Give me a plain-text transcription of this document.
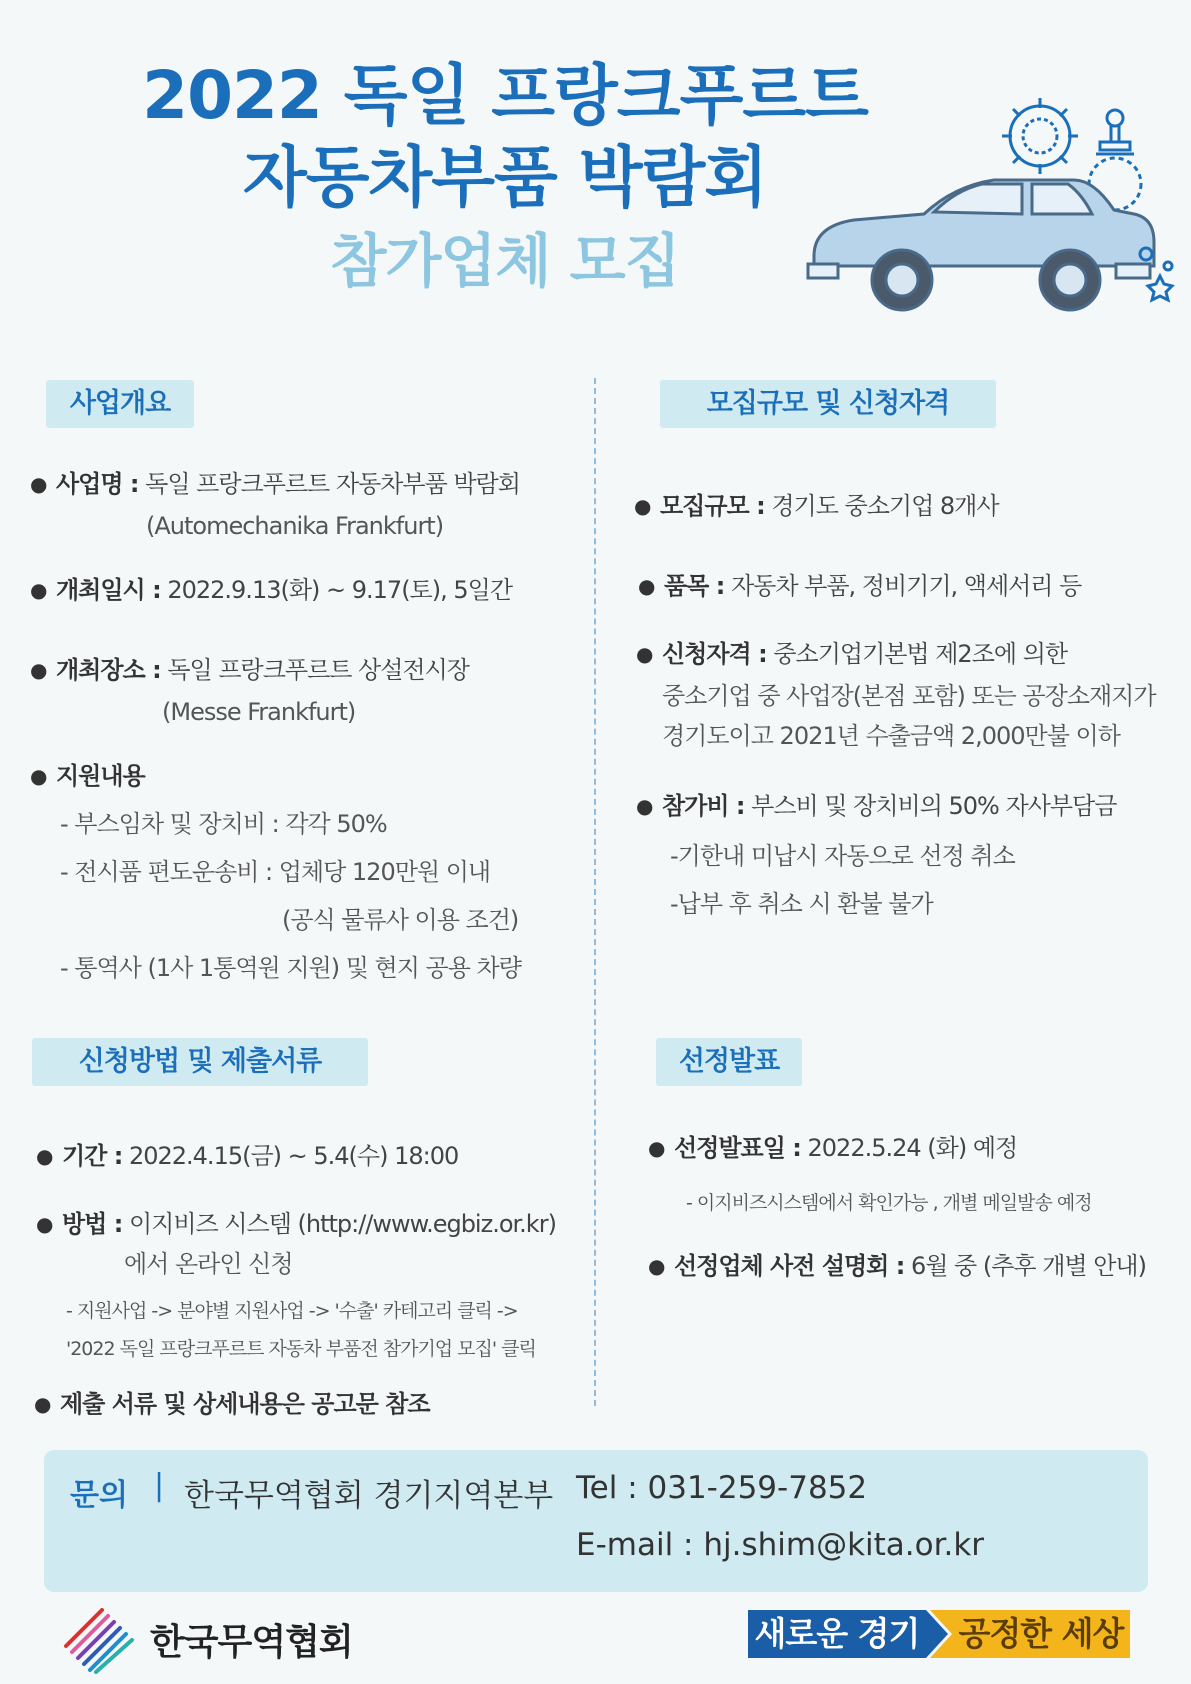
2022 독일 프랑크푸르트
자동차부품 박람회
참가업체 모집
사업개요
● 사업명 : 독일 프랑크푸르트 자동차부품 박람회
(Automechanika Frankfurt)
● 개최일시 : 2022.9.13(화) ~ 9.17(토), 5일간
● 개최장소 : 독일 프랑크푸르트 상설전시장
(Messe Frankfurt)
● 지원내용
- 부스임차 및 장치비 : 각각 50%
- 전시품 편도운송비 : 업체당 120만원 이내
(공식 물류사 이용 조건)
- 통역사 (1사 1통역원 지원) 및 현지 공용 차량
모집규모 및 신청자격
● 모집규모 : 경기도 중소기업 8개사
● 품목 : 자동차 부품, 정비기기, 액세서리 등
● 신청자격 : 중소기업기본법 제2조에 의한
중소기업 중 사업장(본점 포함) 또는 공장소재지가
경기도이고 2021년 수출금액 2,000만불 이하
● 참가비 : 부스비 및 장치비의 50% 자사부담금
-기한내 미납시 자동으로 선정 취소
-납부 후 취소 시 환불 불가
신청방법 및 제출서류
● 기간 : 2022.4.15(금) ~ 5.4(수) 18:00
● 방법 : 이지비즈 시스템 (http://www.egbiz.or.kr)
에서 온라인 신청
- 지원사업 -> 분야별 지원사업 -> '수출' 카테고리 클릭 ->
'2022 독일 프랑크푸르트 자동차 부품전 참가기업 모집' 클릭
● 제출 서류 및 상세내용은 공고문 참조
선정발표
● 선정발표일 : 2022.5.24 (화) 예정
- 이지비즈시스템에서 확인가능 , 개별 메일발송 예정
● 선정업체 사전 설명회 : 6월 중 (추후 개별 안내)
문의 | 한국무역협회 경기지역본부 Tel : 031-259-7852
E-mail : hj.shim@kita.or.kr
한국무역협회	새로운 경기 공정한 세상
